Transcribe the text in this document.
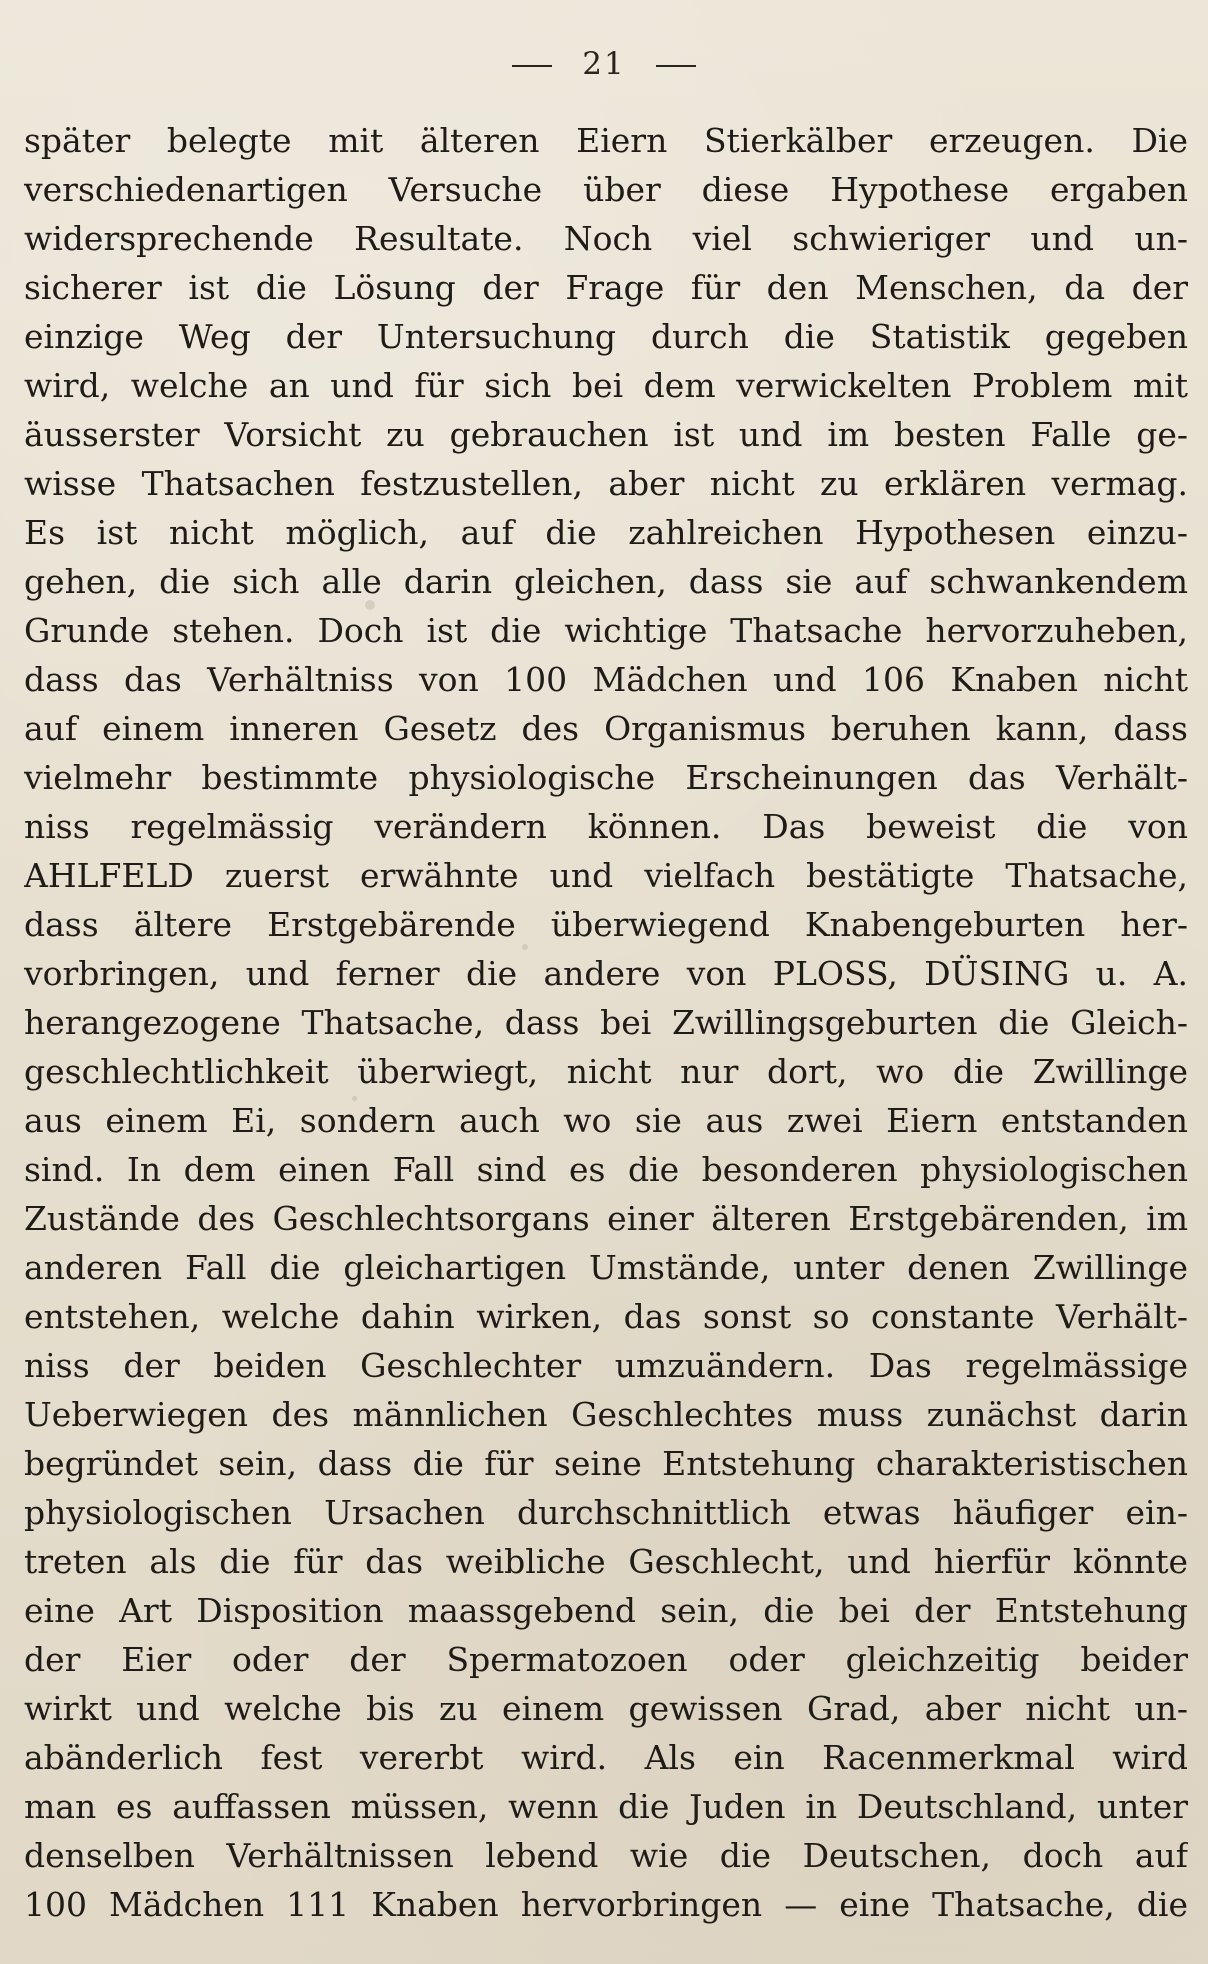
21
später belegte mit älteren Eiern Stierkälber erzeugen. Die
verschiedenartigen Versuche über diese Hypothese ergaben
widersprechende Resultate. Noch viel schwieriger und un-
sicherer ist die Lösung der Frage für den Menschen, da der
einzige Weg der Untersuchung durch die Statistik gegeben
wird, welche an und für sich bei dem verwickelten Problem mit
äusserster Vorsicht zu gebrauchen ist und im besten Falle ge-
wisse Thatsachen festzustellen, aber nicht zu erklären vermag.
Es ist nicht möglich, auf die zahlreichen Hypothesen einzu-
gehen, die sich alle darin gleichen, dass sie auf schwankendem
Grunde stehen. Doch ist die wichtige Thatsache hervorzuheben,
dass das Verhältniss von 100 Mädchen und 106 Knaben nicht
auf einem inneren Gesetz des Organismus beruhen kann, dass
vielmehr bestimmte physiologische Erscheinungen das Verhält-
niss regelmässig verändern können. Das beweist die von
AHLFELD zuerst erwähnte und vielfach bestätigte Thatsache,
dass ältere Erstgebärende überwiegend Knabengeburten her-
vorbringen, und ferner die andere von PLOSS, DÜSING u. A.
herangezogene Thatsache, dass bei Zwillingsgeburten die Gleich-
geschlechtlichkeit überwiegt, nicht nur dort, wo die Zwillinge
aus einem Ei, sondern auch wo sie aus zwei Eiern entstanden
sind. In dem einen Fall sind es die besonderen physiologischen
Zustände des Geschlechtsorgans einer älteren Erstgebärenden, im
anderen Fall die gleichartigen Umstände, unter denen Zwillinge
entstehen, welche dahin wirken, das sonst so constante Verhält-
niss der beiden Geschlechter umzuändern. Das regelmässige
Ueberwiegen des männlichen Geschlechtes muss zunächst darin
begründet sein, dass die für seine Entstehung charakteristischen
physiologischen Ursachen durchschnittlich etwas häufiger ein-
treten als die für das weibliche Geschlecht, und hierfür könnte
eine Art Disposition maassgebend sein, die bei der Entstehung
der Eier oder der Spermatozoen oder gleichzeitig beider
wirkt und welche bis zu einem gewissen Grad, aber nicht un-
abänderlich fest vererbt wird. Als ein Racenmerkmal wird
man es auffassen müssen, wenn die Juden in Deutschland, unter
denselben Verhältnissen lebend wie die Deutschen, doch auf
100 Mädchen 111 Knaben hervorbringen — eine Thatsache, die
